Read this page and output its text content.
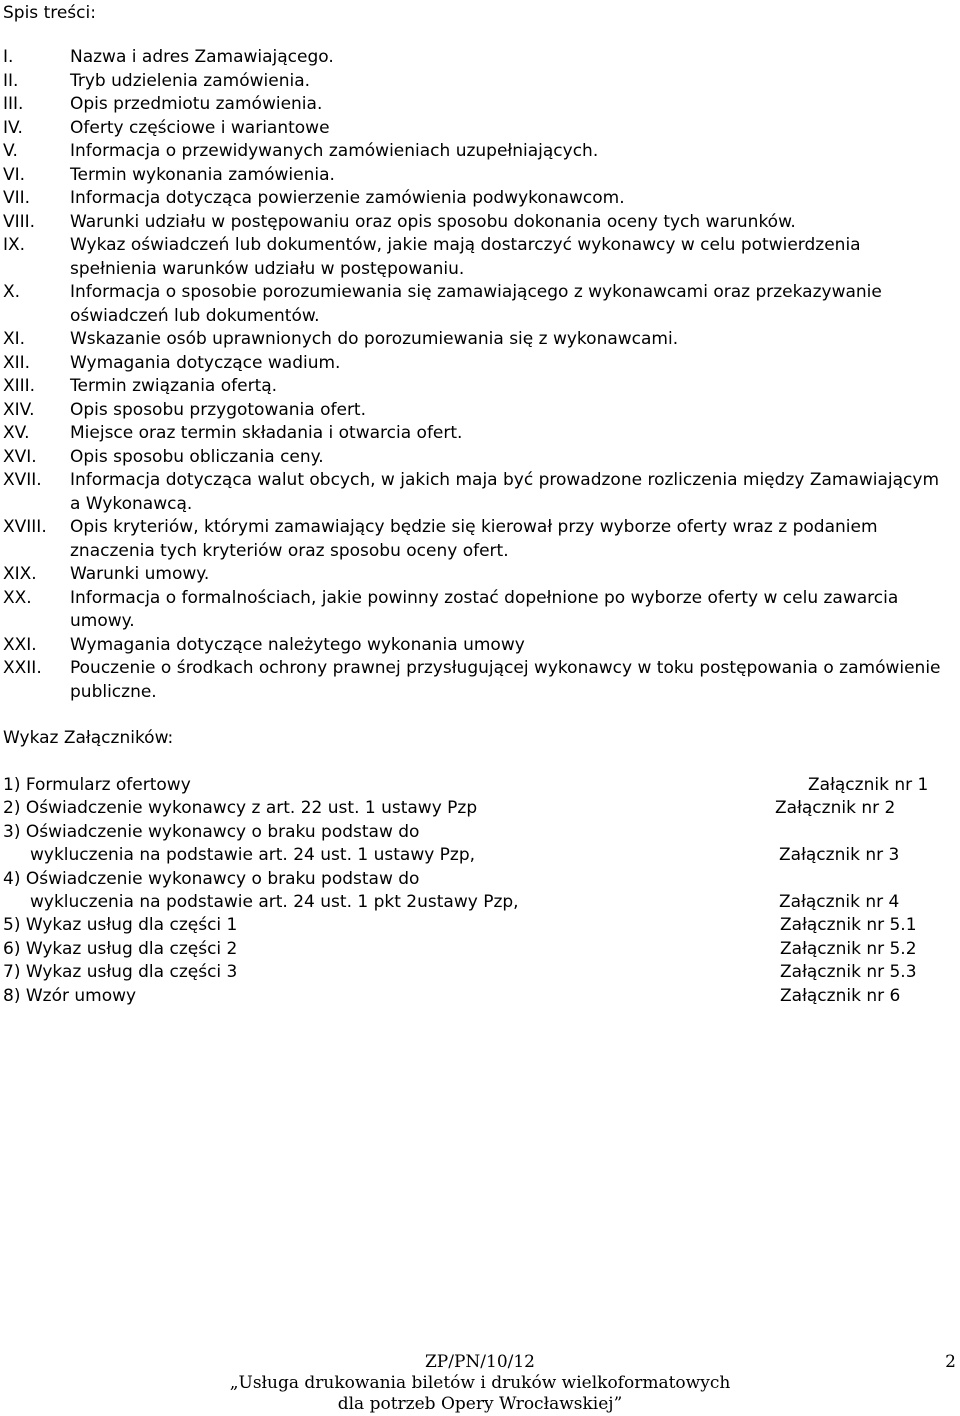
Spis treści:
I.	Nazwa i adres Zamawiającego.
II.	Tryb udzielenia zamówienia.
III.	Opis przedmiotu zamówienia.
IV.	Oferty częściowe i wariantowe
V.	Informacja o przewidywanych zamówieniach uzupełniających.
VI.	Termin wykonania zamówienia.
VII. Informacja dotycząca powierzenie zamówienia podwykonawcom.
VIII. Warunki udziału w postępowaniu oraz opis sposobu dokonania oceny tych warunków.
IX.	Wykaz oświadczeń lub dokumentów, jakie mają dostarczyć wykonawcy w celu potwierdzenia spełnienia warunków udziału w postępowaniu.
X.	Informacja o sposobie porozumiewania się zamawiającego z wykonawcami oraz przekazywanie oświadczeń lub dokumentów.
XI.	Wskazanie osób uprawnionych do porozumiewania się z wykonawcami.
XII. Wymagania dotyczące wadium.
XIII. Termin związania ofertą.
XIV. Opis sposobu przygotowania ofert.
XV. Miejsce oraz termin składania i otwarcia ofert.
XVI. Opis sposobu obliczania ceny.
XVII. Informacja dotycząca walut obcych, w jakich maja być prowadzone rozliczenia między Zamawiającym a Wykonawcą.
XVIII. Opis kryteriów, którymi zamawiający będzie się kierował przy wyborze oferty wraz z podaniem znaczenia tych kryteriów oraz sposobu oceny ofert.
XIX. Warunki umowy.
XX. Informacja o formalnościach, jakie powinny zostać dopełnione po wyborze oferty w celu zawarcia umowy.
XXI. Wymagania dotyczące należytego wykonania umowy
XXII. Pouczenie o środkach ochrony prawnej przysługującej wykonawcy w toku postępowania o zamówienie publiczne.
Wykaz Załączników:
1) Formularz ofertowy	Załącznik nr 1
2) Oświadczenie wykonawcy z art. 22 ust. 1 ustawy Pzp	Załącznik nr 2
3) Oświadczenie wykonawcy o braku podstaw do
wykluczenia na podstawie art. 24 ust. 1 ustawy Pzp,	Załącznik nr 3
4) Oświadczenie wykonawcy o braku podstaw do
wykluczenia na podstawie art. 24 ust. 1 pkt 2ustawy Pzp,	Załącznik nr 4
5) Wykaz usług dla części 1	Załącznik nr 5.1
6) Wykaz usług dla części 2	Załącznik nr 5.2
7) Wykaz usług dla części 3	Załącznik nr 5.3
8) Wzór umowy	Załącznik nr 6
ZP/PN/10/12
„Usługa drukowania biletów i druków wielkoformatowych
dla potrzeb Opery Wrocławskiej”
2
